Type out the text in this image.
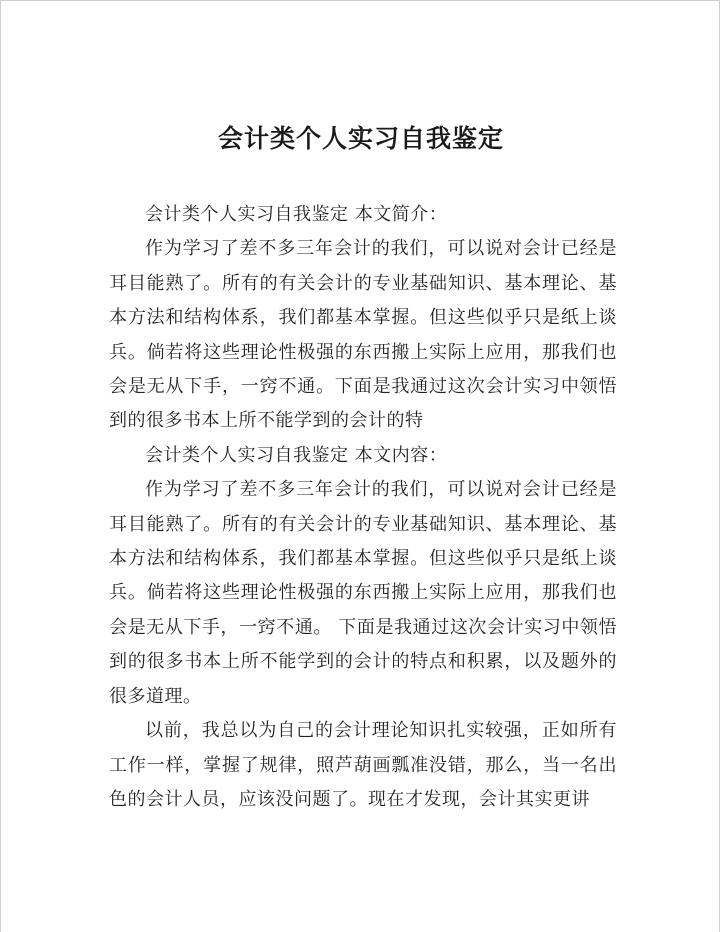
会计类个人实习自我鉴定

会计类个人实习自我鉴定 本文简介：

作为学习了差不多三年会计的我们，可以说对会计已经是耳目能熟了。所有的有关会计的专业基础知识、基本理论、基本方法和结构体系，我们都基本掌握。但这些似乎只是纸上谈兵。倘若将这些理论性极强的东西搬上实际上应用，那我们也会是无从下手，一窍不通。下面是我通过这次会计实习中领悟到的很多书本上所不能学到的会计的特

会计类个人实习自我鉴定 本文内容：

作为学习了差不多三年会计的我们，可以说对会计已经是耳目能熟了。所有的有关会计的专业基础知识、基本理论、基本方法和结构体系，我们都基本掌握。但这些似乎只是纸上谈兵。倘若将这些理论性极强的东西搬上实际上应用，那我们也会是无从下手，一窍不通。 下面是我通过这次会计实习中领悟到的很多书本上所不能学到的会计的特点和积累，以及题外的很多道理。

以前，我总以为自己的会计理论知识扎实较强，正如所有工作一样，掌握了规律，照芦葫画瓢准没错，那么，当一名出色的会计人员，应该没问题了。现在才发现，会计其实更讲
